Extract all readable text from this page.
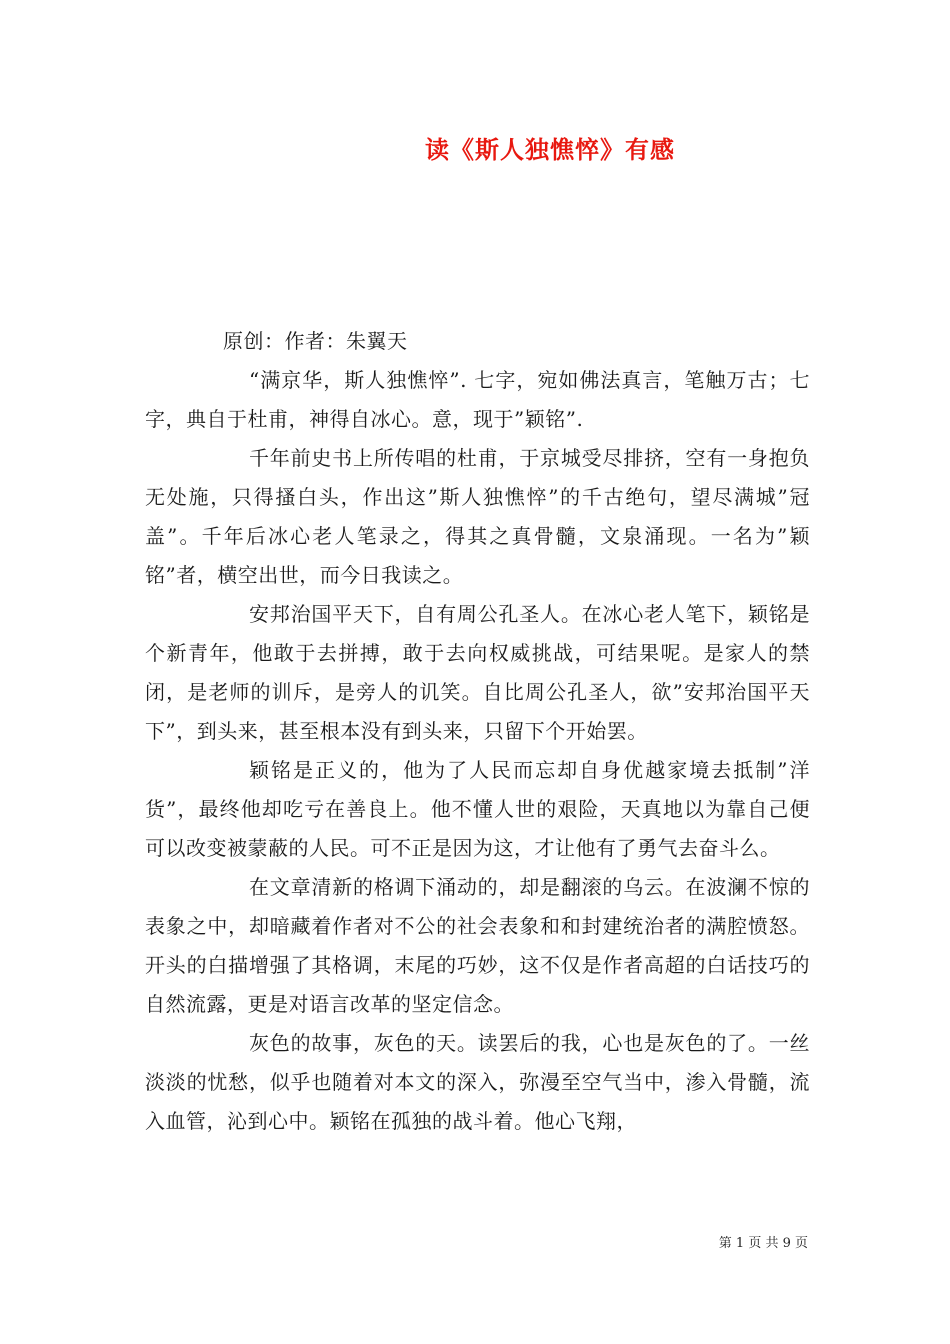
读《斯人独憔悴》有感

原创：作者：朱翼天

“满京华，斯人独憔悴”. 七字，宛如佛法真言，笔触万古；七字，典自于杜甫，神得自冰心。意，现于”颖铭”.

千年前史书上所传唱的杜甫，于京城受尽排挤，空有一身抱负无处施，只得搔白头，作出这”斯人独憔悴”的千古绝句，望尽满城”冠盖”。千年后冰心老人笔录之，得其之真骨髓，文泉涌现。一名为”颖铭”者，横空出世，而今日我读之。

安邦治国平天下，自有周公孔圣人。在冰心老人笔下，颖铭是个新青年，他敢于去拼搏，敢于去向权威挑战，可结果呢。是家人的禁闭，是老师的训斥，是旁人的讥笑。自比周公孔圣人，欲”安邦治国平天下”，到头来，甚至根本没有到头来，只留下个开始罢。

颖铭是正义的，他为了人民而忘却自身优越家境去抵制”洋货”，最终他却吃亏在善良上。他不懂人世的艰险，天真地以为靠自己便可以改变被蒙蔽的人民。可不正是因为这，才让他有了勇气去奋斗么。

在文章清新的格调下涌动的，却是翻滚的乌云。在波澜不惊的表象之中，却暗藏着作者对不公的社会表象和和封建统治者的满腔愤怒。开头的白描增强了其格调，末尾的巧妙，这不仅是作者高超的白话技巧的自然流露，更是对语言改革的坚定信念。

灰色的故事，灰色的天。读罢后的我，心也是灰色的了。一丝淡淡的忧愁，似乎也随着对本文的深入，弥漫至空气当中，渗入骨髓，流入血管，沁到心中。颖铭在孤独的战斗着。他心飞翔，

第 1 页 共 9 页
